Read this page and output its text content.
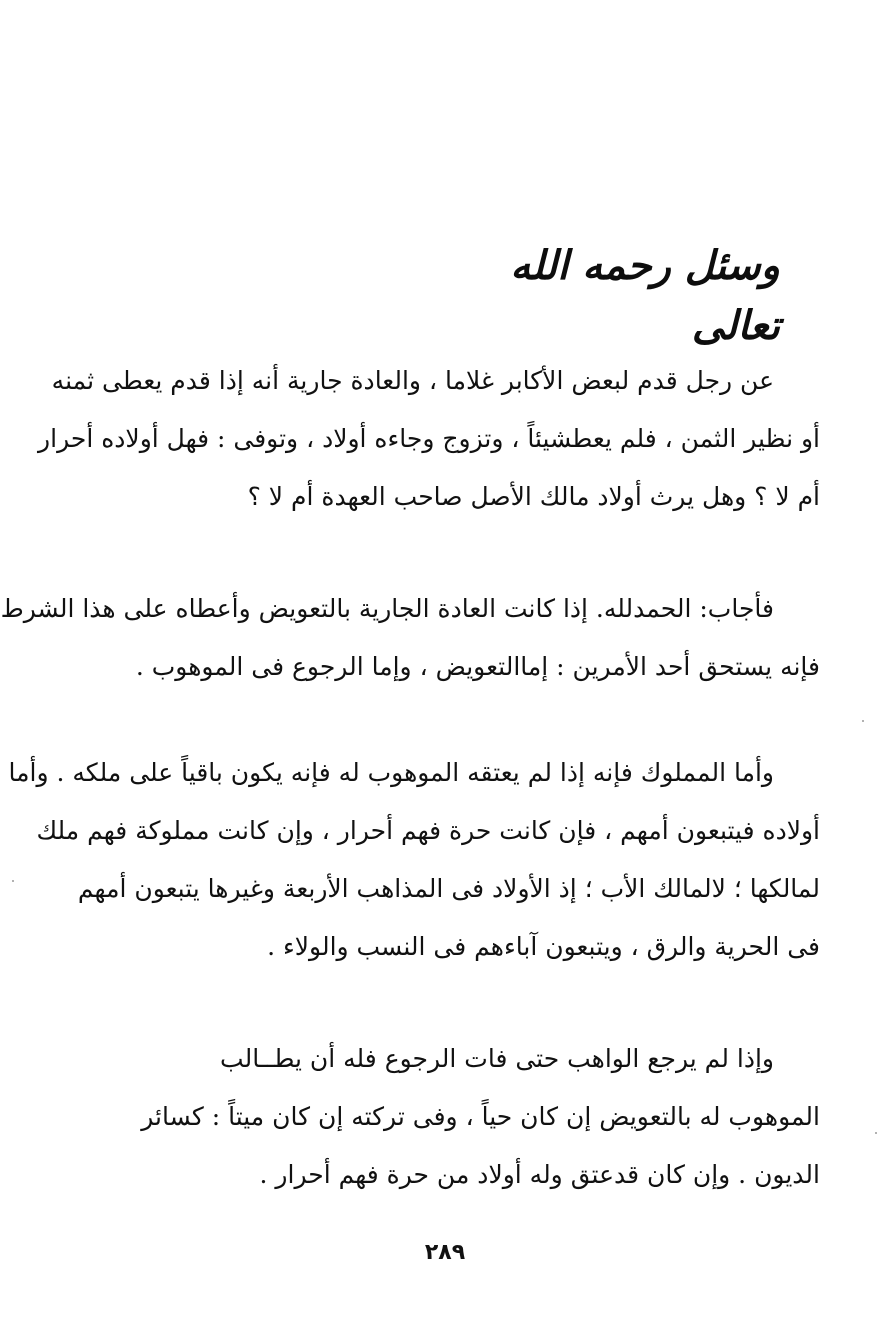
وسئل رحمه الله تعالى
عن رجل قدم لبعض الأكابر غلاما ، والعادة جارية أنه إذا قدم يعطى ثمنه
أو نظير الثمن ، فلم يعطشيئاً ، وتزوج وجاءه أولاد ، وتوفى : فهل أولاده أحرار
أم لا ؟ وهل يرث أولاد مالك الأصل صاحب العهدة أم لا ؟
فأجاب: الحمدلله. إذا كانت العادة الجارية بالتعويض وأعطاه على هذا الشرط
فإنه يستحق أحد الأمرين : إماالتعويض ، وإما الرجوع فى الموهوب .
وأما المملوك فإنه إذا لم يعتقه الموهوب له فإنه يكون باقياً على ملكه . وأما
أولاده فيتبعون أمهم ، فإن كانت حرة فهم أحرار ، وإن كانت مملوكة فهم ملك
لمالكها ؛ لالمالك الأب ؛ إذ الأولاد فى المذاهب الأربعة وغيرها يتبعون أمهم
فى الحرية والرق ، ويتبعون آباءهم فى النسب والولاء .
وإذا لم يرجع الواهب حتى فات الرجوع فله أن يطــالب
الموهوب له بالتعويض إن كان حياً ، وفى تركته إن كان ميتاً : كسائر
الديون . وإن كان قدعتق وله أولاد من حرة فهم أحرار .
٢٨٩
